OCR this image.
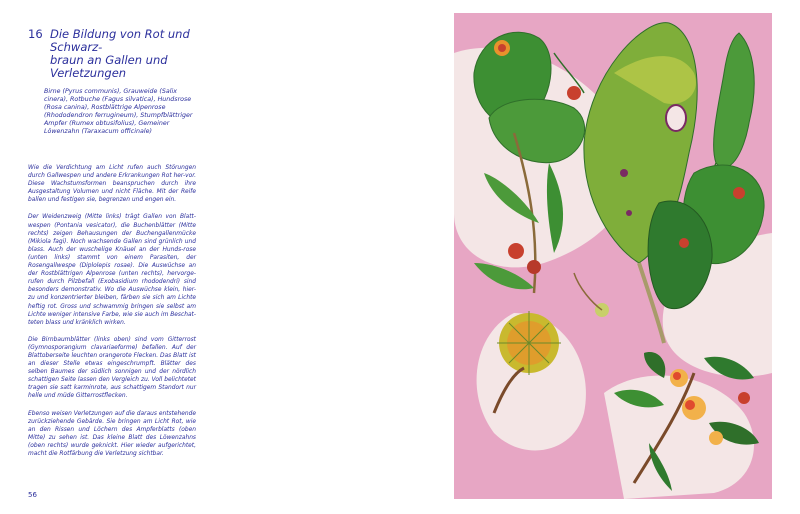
16 Die Bildung von Rot und Schwarz-
braun an Gallen und Verletzungen
Birne (Pyrus communis), Grauweide (Salix cinera), Rotbuche (Fagus silvatica), Hundsrose (Rosa canina), Rostblättrige Alpenrose (Rhododendron ferrugineum), Stumpfblättriger Ampfer (Rumex obtusifolius), Gemeiner Löwenzahn (Taraxacum officinale)

Wie die Verdichtung am Licht rufen auch Störungen durch Gallwespen und andere Erkrankungen Rot her-vor. Diese Wachstumsformen beanspruchen durch ihre Ausgestaltung Volumen und nicht Fläche. Mit der Reife ballen und festigen sie, begrenzen und engen ein.

Der Weidenzweig (Mitte links) trägt Gallen von Blatt-wespen (Pontania vesicator), die Buchenblätter (Mitte rechts) zeigen Behausungen der Buchengallenmücke (Mikiola fagi). Noch wachsende Gallen sind grünlich und blass. Auch der wuschelige Knäuel an der Hunds-rose (unten links) stammt von einem Parasiten, der Rosengallwespe (Diplolepis rosae). Die Auswüchse an der Rostblättrigen Alpenrose (unten rechts), hervorge-rufen durch Pilzbefall (Exobasidium rhododendri) sind besonders demonstrativ. Wo die Auswüchse klein, hier-zu und konzentrierter bleiben, färben sie sich am Lichte heftig rot. Gross und schwammig bringen sie selbst am Lichte weniger intensive Farbe, wie sie auch im Beschat-teten blass und kränklich wirken.

Die Birnbaumblätter (links oben) sind vom Gitterrost (Gymnosporangium clavariaeforme) befallen. Auf der Blattoberseite leuchten orangerote Flecken. Das Blatt ist an dieser Stelle etwas eingeschrumpft. Blätter des selben Baumes der südlich sonnigen und der nördlich schattigen Seite lassen den Vergleich zu. Voll belichtetet tragen sie satt karminrote, aus schattigem Standort nur helle und müde Gitterrostflecken.

Ebenso weisen Verletzungen auf die daraus entstehende zurückziehende Gebärde. Sie bringen am Licht Rot, wie an den Rissen und Löchern des Ampferblatts (oben Mitte) zu sehen ist. Das kleine Blatt des Löwenzahns (oben rechts) wurde geknickt. Hier wieder aufgerichtet, macht die Rotfärbung die Verletzung sichtbar.

56
